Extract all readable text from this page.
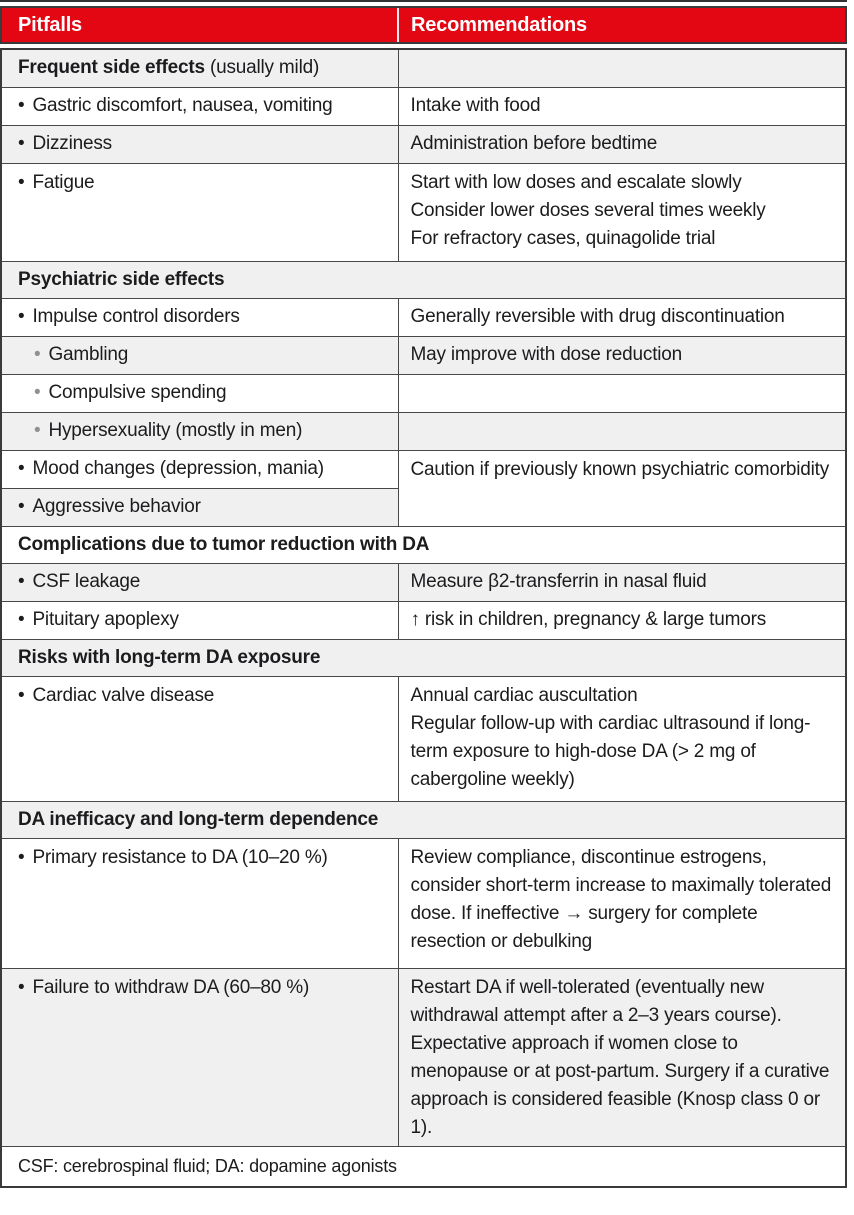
Pitfalls	Recommendations
Frequent side effects (usually mild)	
• Gastric discomfort, nausea, vomiting	Intake with food

• Dizziness	Administration before bedtime

• Fatigue	Start with low doses and escalate slowly
Consider lower doses several times weekly
For refractory cases, quinagolide trial

Psychiatric side effects	
• Impulse control disorders	Generally reversible with drug discontinuation

• Gambling	May improve with dose reduction

• Compulsive spending	
• Hypersexuality (mostly in men)	
• Mood changes (depression, mania)	Caution if previously known psychiatric comorbidity

• Aggressive behavior	
Complications due to tumor reduction with DA	
• CSF leakage	Measure β2-transferrin in nasal fluid

• Pituitary apoplexy	↑ risk in children, pregnancy & large tumors

Risks with long-term DA exposure	
• Cardiac valve disease	Annual cardiac auscultation
Regular follow-up with cardiac ultrasound if long-term exposure to high-dose DA (> 2 mg of cabergoline weekly)

DA inefficacy and long-term dependence	
• Primary resistance to DA (10–20 %)	Review compliance, discontinue estrogens, consider short-term increase to maximally tolerated dose. If ineffective → surgery for complete resection or debulking

• Failure to withdraw DA (60–80 %)	Restart DA if well-tolerated (eventually new withdrawal attempt after a 2–3 years course). Expectative approach if women close to menopause or at post-partum. Surgery if a curative approach is considered feasible (Knosp class 0 or 1).

CSF: cerebrospinal fluid; DA: dopamine agonists	
